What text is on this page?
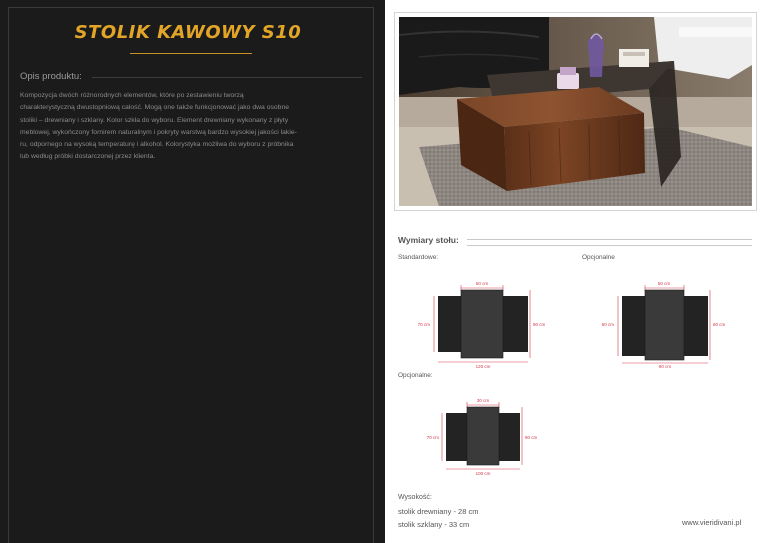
STOLIK KAWOWY S10
Opis produktu:
Kompozycja dwóch różnorodnych elementów, które po zestawieniu tworzą
charakterystyczną dwustopniową całość. Mogą one także funkcjonować jako dwa osobne
stoliki – drewniany i szklany. Kolor szkła do wyboru. Element drewniany wykonany z płyty
meblowej, wykończony fornirem naturalnym i pokryty warstwą bardzo wysokiej jakości lakie-
ru, odpornego na wysoką temperaturę i alkohol. Kolorystyka możliwa do wyboru z próbnika
lub według próbki dostarczonej przez klienta.
Wymiary stołu:
Standardowe:	Opcjonalne
Opcjonalne:
50 cm
70 cm	90 cm
120 cm
50 cm
60 cm	80 cm
90 cm
30 cm
70 cm	90 cm
100 cm
Wysokość:
stolik drewniany - 28 cm
stolik szklany - 33 cm	www.vieridivani.pl
